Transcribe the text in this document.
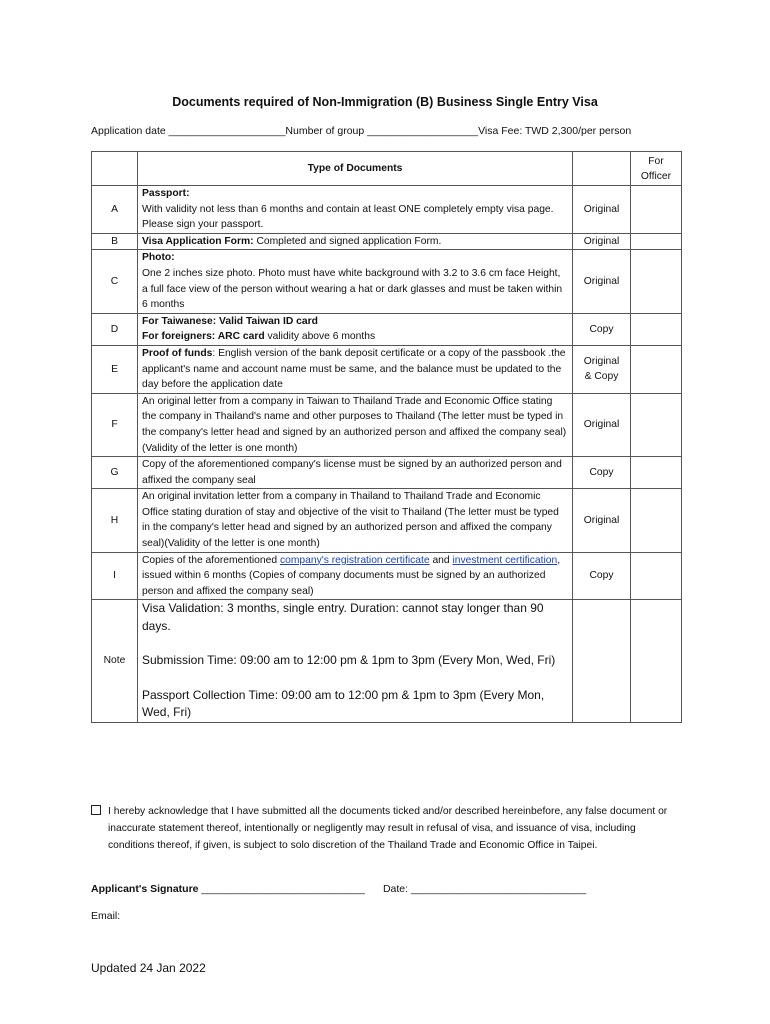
Documents required of Non-Immigration (B) Business Single Entry Visa
Application date ____________________Number of group ___________________Visa Fee: TWD 2,300/per person
	Type of Documents		For
Officer

A	Passport:
With validity not less than 6 months and contain at least ONE completely empty visa page. Please sign your passport.	Original	
B	Visa Application Form: Completed and signed application Form.	Original	
C	Photo:
One 2 inches size photo. Photo must have white background with 3.2 to 3.6 cm face Height, a full face view of the person without wearing a hat or dark glasses and must be taken within 6 months	Original	
D	For Taiwanese: Valid Taiwan ID card
For foreigners: ARC card validity above 6 months	Copy	
E	Proof of funds: English version of the bank deposit certificate or a copy of the passbook .the applicant's name and account name must be same, and the balance must be updated to the day before the application date	Original
& Copy	

F	An original letter from a company in Taiwan to Thailand Trade and Economic Office stating the company in Thailand's name and other purposes to Thailand (The letter must be typed in the company's letter head and signed by an authorized person and affixed the company seal)(Validity of the letter is one month)	Original	
G	Copy of the aforementioned company's license must be signed by an authorized person and affixed the company seal	Copy	
H	An original invitation letter from a company in Thailand to Thailand Trade and Economic Office stating duration of stay and objective of the visit to Thailand (The letter must be typed in the company's letter head and signed by an authorized person and affixed the company seal)(Validity of the letter is one month)	Original	
I	Copies of the aforementioned company's registration certificate and investment certification, issued within 6 months (Copies of company documents must be signed by an authorized person and affixed the company seal)	Copy	
Note	Visa Validation: 3 months, single entry. Duration: cannot stay longer than 90 days.

Submission Time: 09:00 am to 12:00 pm & 1pm to 3pm (Every Mon, Wed, Fri)

Passport Collection Time: 09:00 am to 12:00 pm & 1pm to 3pm (Every Mon, Wed, Fri)		

I hereby acknowledge that I have submitted all the documents ticked and/or described hereinbefore, any false document or inaccurate statement thereof, intentionally or negligently may result in refusal of visa, and issuance of visa, including conditions thereof, if given, is subject to solo discretion of the Thailand Trade and Economic Office in Taipei.
Applicant's Signature ____________________________ Date: ______________________________
Email:
Updated 24 Jan 2022
